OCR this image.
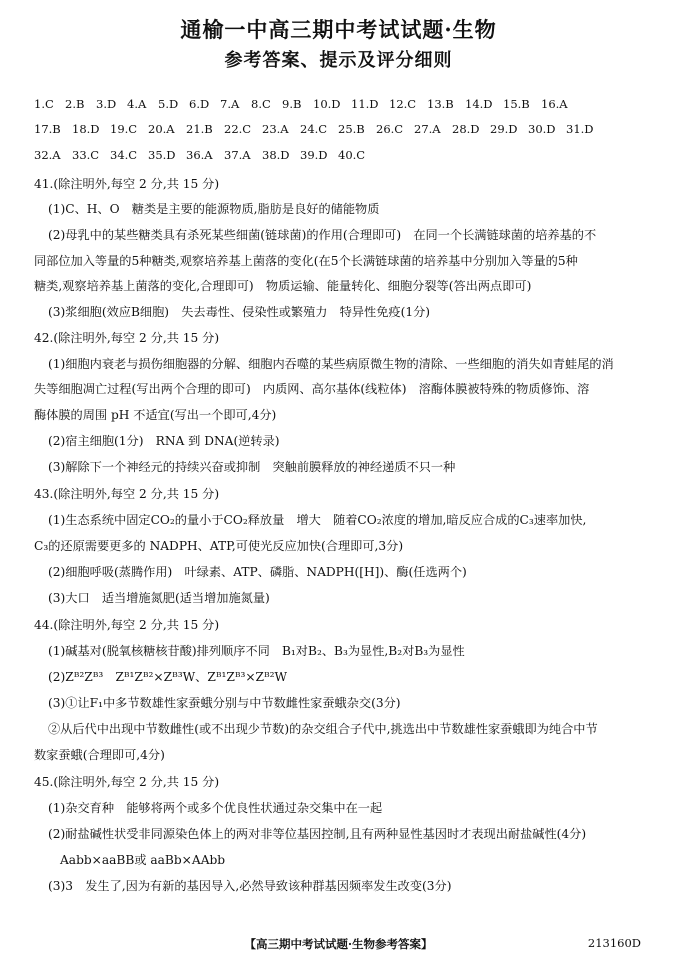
通榆一中高三期中考试试题·生物
参考答案、提示及评分细则
1.C 2.B 3.D 4.A 5.D 6.D 7.A 8.C 9.B 10.D 11.D 12.C 13.B 14.D 15.B 16.A
17.B 18.D 19.C 20.A 21.B 22.C 23.A 24.C 25.B 26.C 27.A 28.D 29.D 30.D 31.D
32.A 33.C 34.C 35.D 36.A 37.A 38.D 39.D 40.C
41.(除注明外,每空 2 分,共 15 分)
(1)C、H、O　糖类是主要的能源物质,脂肪是良好的储能物质
(2)母乳中的某些糖类具有杀死某些细菌(链球菌)的作用(合理即可)　在同一个长满链球菌的培养基的不
同部位加入等量的5种糖类,观察培养基上菌落的变化(在5个长满链球菌的培养基中分别加入等量的5种
糖类,观察培养基上菌落的变化,合理即可)　物质运输、能量转化、细胞分裂等(答出两点即可)
(3)浆细胞(效应B细胞)　失去毒性、侵染性或繁殖力　特异性免疫(1分)
42.(除注明外,每空 2 分,共 15 分)
(1)细胞内衰老与损伤细胞器的分解、细胞内吞噬的某些病原微生物的清除、一些细胞的消失如青蛙尾的消
失等细胞凋亡过程(写出两个合理的即可)　内质网、高尔基体(线粒体)　溶酶体膜被特殊的物质修饰、溶
酶体膜的周围 pH 不适宜(写出一个即可,4分)
(2)宿主细胞(1分)　RNA 到 DNA(逆转录)
(3)解除下一个神经元的持续兴奋或抑制　突触前膜释放的神经递质不只一种
43.(除注明外,每空 2 分,共 15 分)
(1)生态系统中固定CO₂的量小于CO₂释放量　增大　随着CO₂浓度的增加,暗反应合成的C₃速率加快,
C₃的还原需要更多的 NADPH、ATP,可使光反应加快(合理即可,3分)
(2)细胞呼吸(蒸腾作用)　叶绿素、ATP、磷脂、NADPH([H])、酶(任选两个)
(3)大口　适当增施氮肥(适当增加施氮量)
44.(除注明外,每空 2 分,共 15 分)
(1)碱基对(脱氧核糖核苷酸)排列顺序不同　B₁对B₂、B₃为显性,B₂对B₃为显性
(2)Zᴮ²Zᴮ³　Zᴮ¹Zᴮ²×Zᴮ³W、Zᴮ¹Zᴮ³×Zᴮ²W
(3)①让F₁中多节数雄性家蚕蛾分别与中节数雌性家蚕蛾杂交(3分)
②从后代中出现中节数雌性(或不出现少节数)的杂交组合子代中,挑选出中节数雄性家蚕蛾即为纯合中节
数家蚕蛾(合理即可,4分)
45.(除注明外,每空 2 分,共 15 分)
(1)杂交育种　能够将两个或多个优良性状通过杂交集中在一起
(2)耐盐碱性状受非同源染色体上的两对非等位基因控制,且有两种显性基因时才表现出耐盐碱性(4分)
Aabb×aaBB或 aaBb×AAbb
(3)3　发生了,因为有新的基因导入,必然导致该种群基因频率发生改变(3分)
【高三期中考试试题·生物参考答案】	213160D
